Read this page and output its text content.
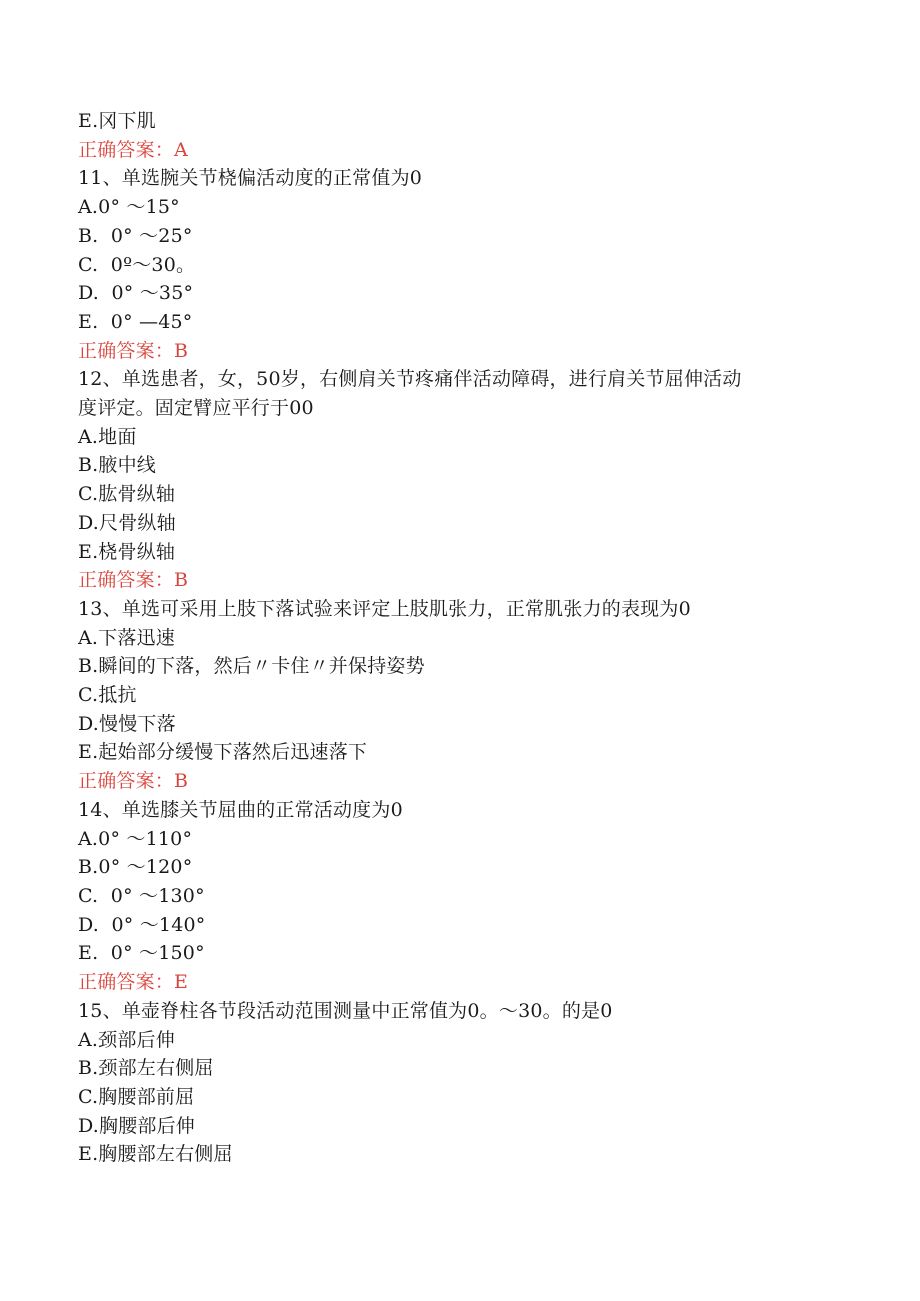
E.冈下肌
正确答案：A
11、单选腕关节桡偏活动度的正常值为0
A.0° ～15°
B.  0° ～25°
C.  0º～30。
D.  0° ～35°
E.  0° —45°
正确答案：B
12、单选患者，女，50岁，右侧肩关节疼痛伴活动障碍，进行肩关节屈伸活动
度评定。固定臂应平行于00
A.地面
B.腋中线
C.肱骨纵轴
D.尺骨纵轴
E.桡骨纵轴
正确答案：B
13、单选可采用上肢下落试验来评定上肢肌张力，正常肌张力的表现为0
A.下落迅速
B.瞬间的下落，然后〃卡住〃并保持姿势
C.抵抗
D.慢慢下落
E.起始部分缓慢下落然后迅速落下
正确答案：B
14、单选膝关节屈曲的正常活动度为0
A.0° ～110°
B.0° ～120°
C.  0° ～130°
D.  0° ～140°
E.  0° ～150°
正确答案：E
15、单壶脊柱各节段活动范围测量中正常值为0。～30。的是0
A.颈部后伸
B.颈部左右侧屈
C.胸腰部前屈
D.胸腰部后伸
E.胸腰部左右侧屈
